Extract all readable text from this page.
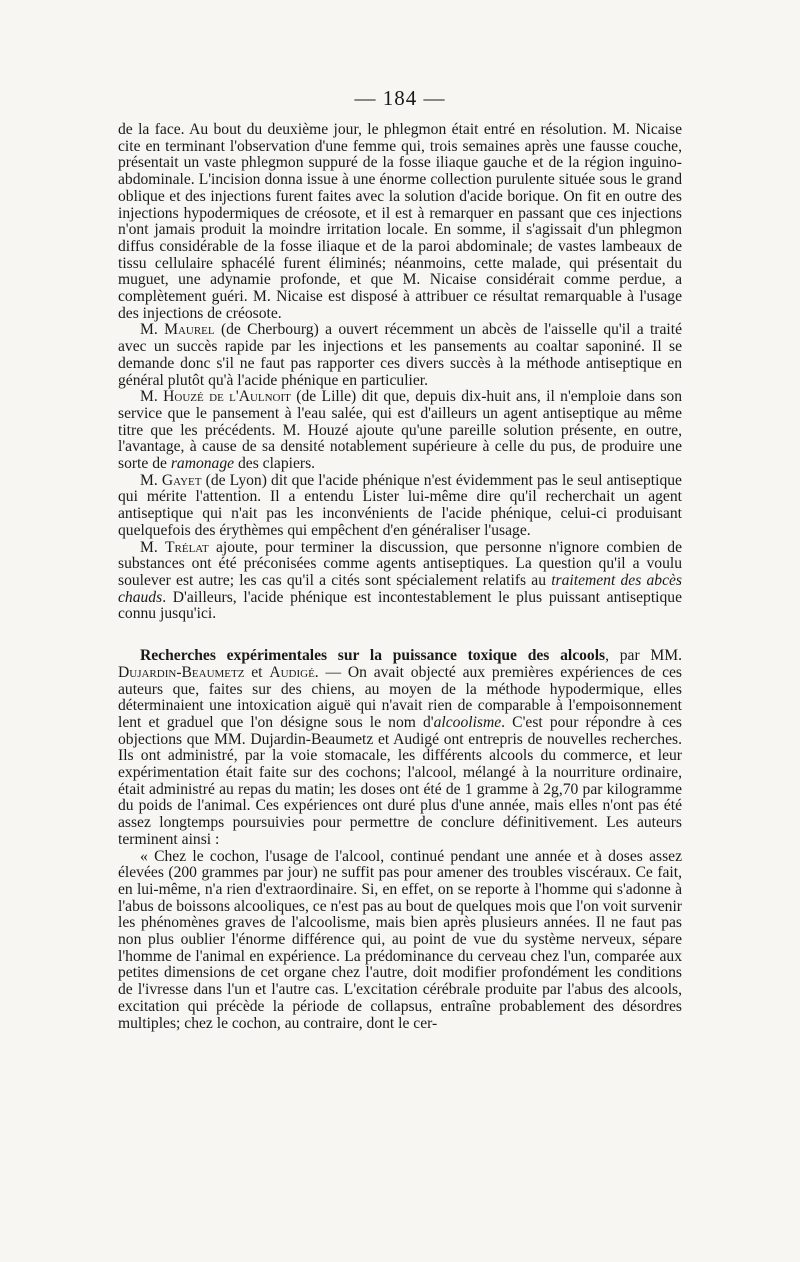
— 184 —

de la face. Au bout du deuxième jour, le phlegmon était entré en résolution. M. Nicaise cite en terminant l'observation d'une femme qui, trois semaines après une fausse couche, présentait un vaste phlegmon suppuré de la fosse iliaque gauche et de la région inguino-abdominale. L'incision donna issue à une énorme collection purulente située sous le grand oblique et des injections furent faites avec la solution d'acide borique. On fit en outre des injections hypodermiques de créosote, et il est à remarquer en passant que ces injections n'ont jamais produit la moindre irritation locale. En somme, il s'agissait d'un phlegmon diffus considérable de la fosse iliaque et de la paroi abdominale; de vastes lambeaux de tissu cellulaire sphacélé furent éliminés; néanmoins, cette malade, qui présentait du muguet, une adynamie profonde, et que M. Nicaise considérait comme perdue, a complètement guéri. M. Nicaise est disposé à attribuer ce résultat remarquable à l'usage des injections de créosote.

M. Maurel (de Cherbourg) a ouvert récemment un abcès de l'aisselle qu'il a traité avec un succès rapide par les injections et les pansements au coaltar saponiné. Il se demande donc s'il ne faut pas rapporter ces divers succès à la méthode antiseptique en général plutôt qu'à l'acide phénique en particulier.

M. Houzé de l'Aulnoit (de Lille) dit que, depuis dix-huit ans, il n'emploie dans son service que le pansement à l'eau salée, qui est d'ailleurs un agent antiseptique au même titre que les précédents. M. Houzé ajoute qu'une pareille solution présente, en outre, l'avantage, à cause de sa densité notablement supérieure à celle du pus, de produire une sorte de ramonage des clapiers.

M. Gayet (de Lyon) dit que l'acide phénique n'est évidemment pas le seul antiseptique qui mérite l'attention. Il a entendu Lister lui-même dire qu'il recherchait un agent antiseptique qui n'ait pas les inconvénients de l'acide phénique, celui-ci produisant quelquefois des érythèmes qui empêchent d'en généraliser l'usage.

M. Trélat ajoute, pour terminer la discussion, que personne n'ignore combien de substances ont été préconisées comme agents antiseptiques. La question qu'il a voulu soulever est autre; les cas qu'il a cités sont spécialement relatifs au traitement des abcès chauds. D'ailleurs, l'acide phénique est incontestablement le plus puissant antiseptique connu jusqu'ici.

Recherches expérimentales sur la puissance toxique des alcools, par MM. Dujardin-Beaumetz et Audigé. — On avait objecté aux premières expériences de ces auteurs que, faites sur des chiens, au moyen de la méthode hypodermique, elles déterminaient une intoxication aiguë qui n'avait rien de comparable à l'empoisonnement lent et graduel que l'on désigne sous le nom d'alcoolisme. C'est pour répondre à ces objections que MM. Dujardin-Beaumetz et Audigé ont entrepris de nouvelles recherches. Ils ont administré, par la voie stomacale, les différents alcools du commerce, et leur expérimentation était faite sur des cochons; l'alcool, mélangé à la nourriture ordinaire, était administré au repas du matin; les doses ont été de 1 gramme à 2g,70 par kilogramme du poids de l'animal. Ces expériences ont duré plus d'une année, mais elles n'ont pas été assez longtemps poursuivies pour permettre de conclure définitivement. Les auteurs terminent ainsi :

« Chez le cochon, l'usage de l'alcool, continué pendant une année et à doses assez élevées (200 grammes par jour) ne suffit pas pour amener des troubles viscéraux. Ce fait, en lui-même, n'a rien d'extraordinaire. Si, en effet, on se reporte à l'homme qui s'adonne à l'abus de boissons alcooliques, ce n'est pas au bout de quelques mois que l'on voit survenir les phénomènes graves de l'alcoolisme, mais bien après plusieurs années. Il ne faut pas non plus oublier l'énorme différence qui, au point de vue du système nerveux, sépare l'homme de l'animal en expérience. La prédominance du cerveau chez l'un, comparée aux petites dimensions de cet organe chez l'autre, doit modifier profondément les conditions de l'ivresse dans l'un et l'autre cas. L'excitation cérébrale produite par l'abus des alcools, excitation qui précède la période de collapsus, entraîne probablement des désordres multiples; chez le cochon, au contraire, dont le cer-
